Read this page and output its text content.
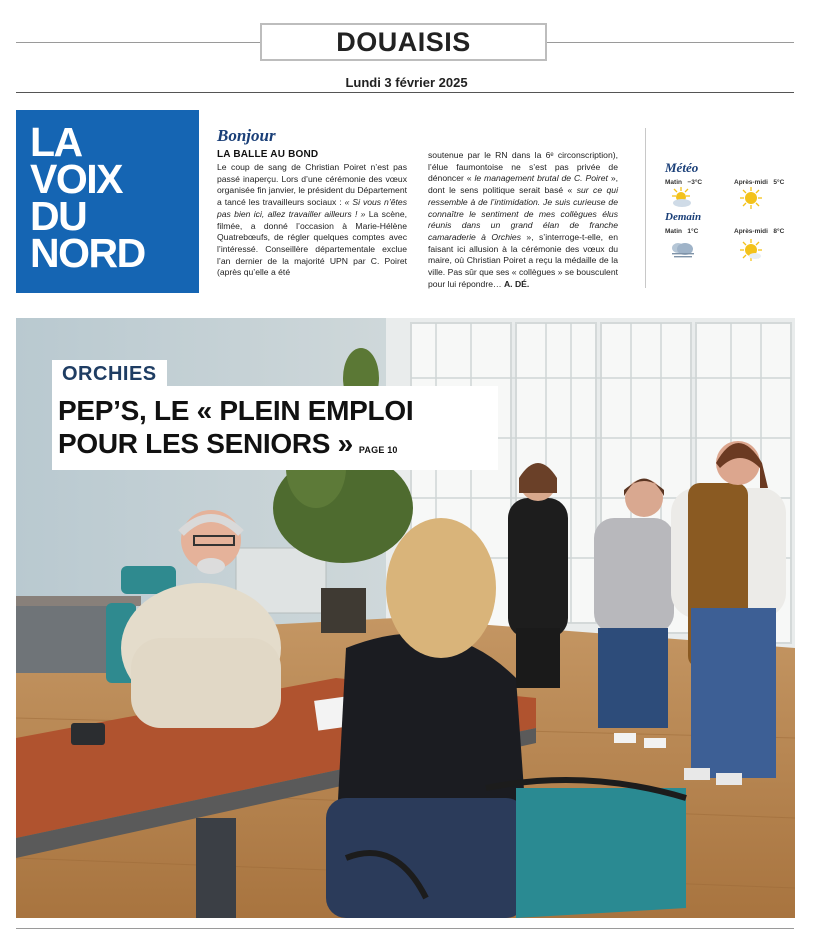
DOUAISIS
Lundi 3 février 2025
LA
VOIX
DU
NORD
Bonjour
LA BALLE AU BOND

Le coup de sang de Christian Poiret n’est pas passé inaperçu. Lors d’une cérémonie des vœux organisée fin janvier, le président du Département a tancé les travailleurs sociaux : « Si vous n’êtes pas bien ici, allez travailler ailleurs ! » La scène, filmée, a donné l’occasion à Marie-Hélène Quatrebœufs, de régler quelques comptes avec l’intéressé. Conseillère départementale exclue l’an dernier de la majorité UPN par C. Poiret (après qu’elle a été

soutenue par le RN dans la 6ᵉ circonscription), l’élue faumontoise ne s’est pas privée de dénoncer « le management brutal de C. Poiret », dont le sens politique serait basé « sur ce qui ressemble à de l’intimidation. Je suis curieuse de connaître le sentiment de mes collègues élus réunis dans un grand élan de franche camaraderie à Orchies », s’interroge-t-elle, en faisant ici allusion à la cérémonie des vœux du maire, où Christian Poiret a reçu la médaille de la ville. Pas sûr que ses « collègues » se bousculent pour lui répondre… A. DÉ.

Météo
Matin −3°C	Après-midi 5°C
Demain
Matin 1°C	Après-midi 8°C
ORCHIES
PEP’S, LE « PLEIN EMPLOI
POUR LES SENIORS » PAGE 10
